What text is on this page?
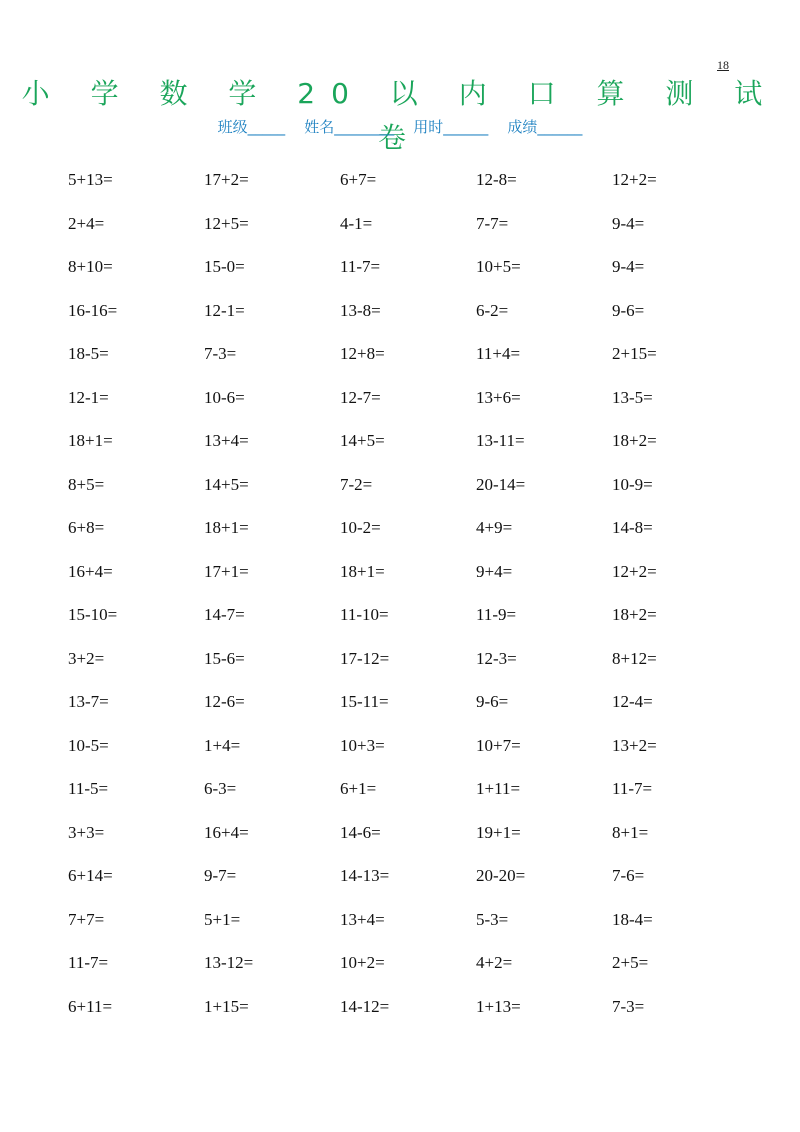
18
小 学 数 学 20 以 内 口 算 测 试 卷
班级_____ 姓名________ 用时______ 成绩______
5+13=	17+2=	6+7=	12-8=	12+2=
2+4=	12+5=	4-1=	7-7=	9-4=
8+10=	15-0=	11-7=	10+5=	9-4=
16-16=	12-1=	13-8=	6-2=	9-6=
18-5=	7-3=	12+8=	11+4=	2+15=
12-1=	10-6=	12-7=	13+6=	13-5=
18+1=	13+4=	14+5=	13-11=	18+2=
8+5=	14+5=	7-2=	20-14=	10-9=
6+8=	18+1=	10-2=	4+9=	14-8=
16+4=	17+1=	18+1=	9+4=	12+2=
15-10=	14-7=	11-10=	11-9=	18+2=
3+2=	15-6=	17-12=	12-3=	8+12=
13-7=	12-6=	15-11=	9-6=	12-4=
10-5=	1+4=	10+3=	10+7=	13+2=
11-5=	6-3=	6+1=	1+11=	11-7=
3+3=	16+4=	14-6=	19+1=	8+1=
6+14=	9-7=	14-13=	20-20=	7-6=
7+7=	5+1=	13+4=	5-3=	18-4=
11-7=	13-12=	10+2=	4+2=	2+5=
6+11=	1+15=	14-12=	1+13=	7-3=
